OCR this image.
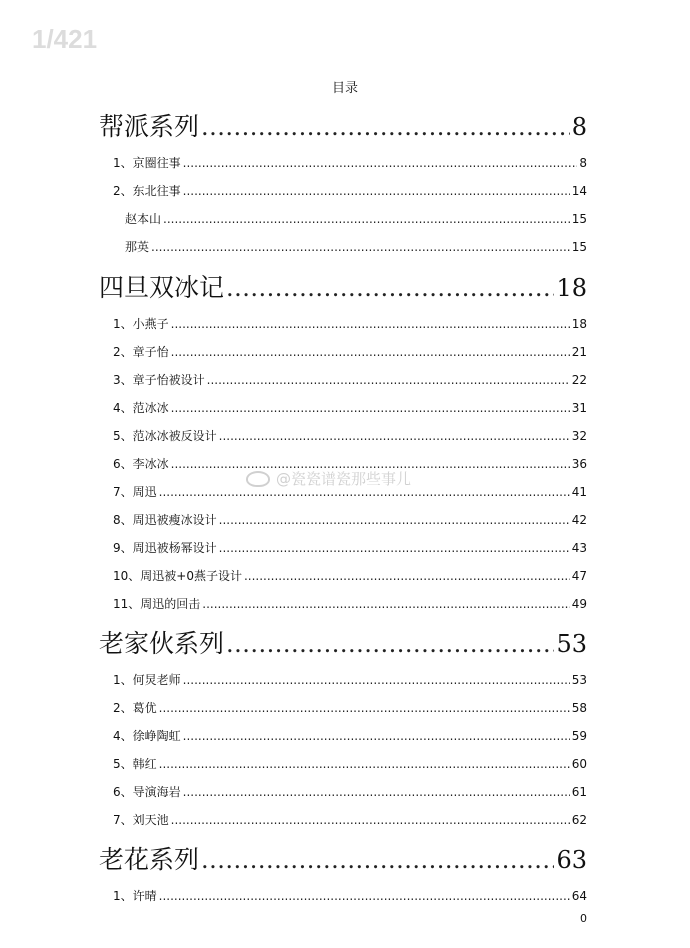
1/421
目录
帮派系列 .....	8
1、京圈往事 .....	8
2、东北往事 .....	14
赵本山 .....	15
那英 .....	15
四旦双冰记 .....	18
1、小燕子 .....	18
2、章子怡 .....	21
3、章子怡被设计 .....	22
4、范冰冰 .....	31
5、范冰冰被反设计 .....	32
6、李冰冰 .....	36
7、周迅 .....	41
8、周迅被瘦冰设计 .....	42
9、周迅被杨幂设计 .....	43
10、周迅被+0燕子设计 .....	47
11、周迅的回击 .....	49
老家伙系列 .....	53
1、何炅老师 .....	53
2、葛优 .....	58
4、徐峥陶虹 .....	59
5、韩红 .....	60
6、导演海岩 .....	61
7、刘天池 .....	62
老花系列 .....	63
1、许晴 .....	64
@瓷瓷谱瓷那些事儿
0
